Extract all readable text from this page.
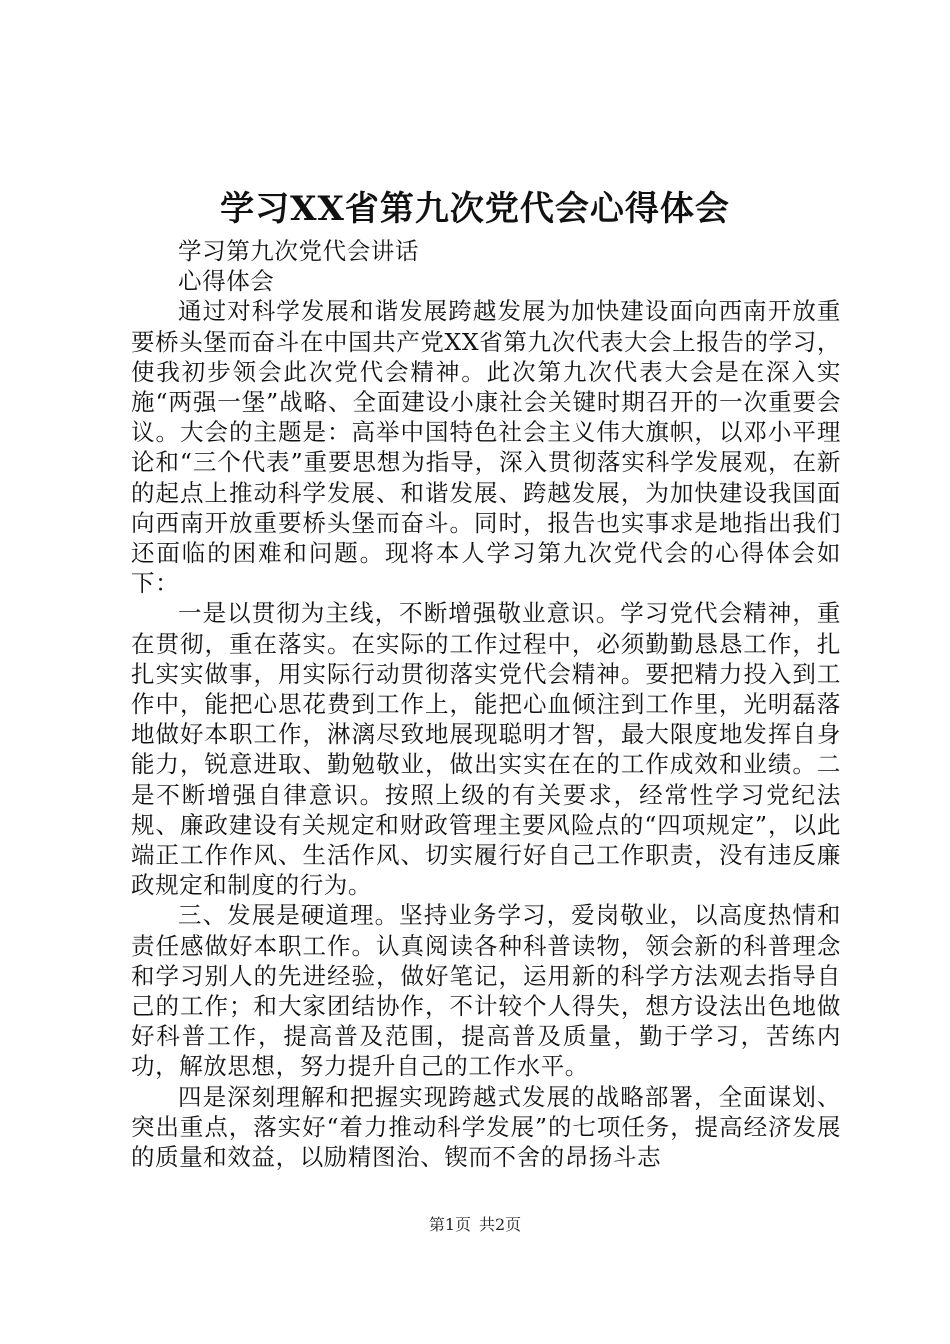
学习XX省第九次党代会心得体会

学习第九次党代会讲话

心得体会

通过对科学发展和谐发展跨越发展为加快建设面向西南开放重要桥头堡而奋斗在中国共产党XX省第九次代表大会上报告的学习，使我初步领会此次党代会精神。此次第九次代表大会是在深入实施“两强一堡”战略、全面建设小康社会关键时期召开的一次重要会议。大会的主题是：高举中国特色社会主义伟大旗帜，以邓小平理论和“三个代表”重要思想为指导，深入贯彻落实科学发展观，在新的起点上推动科学发展、和谐发展、跨越发展，为加快建设我国面向西南开放重要桥头堡而奋斗。同时，报告也实事求是地指出我们还面临的困难和问题。现将本人学习第九次党代会的心得体会如下：

一是以贯彻为主线，不断增强敬业意识。学习党代会精神，重在贯彻，重在落实。在实际的工作过程中，必须勤勤恳恳工作，扎扎实实做事，用实际行动贯彻落实党代会精神。要把精力投入到工作中，能把心思花费到工作上，能把心血倾注到工作里，光明磊落地做好本职工作，淋漓尽致地展现聪明才智，最大限度地发挥自身能力，锐意进取、勤勉敬业，做出实实在在的工作成效和业绩。二是不断增强自律意识。按照上级的有关要求，经常性学习党纪法规、廉政建设有关规定和财政管理主要风险点的“四项规定”，以此端正工作作风、生活作风、切实履行好自己工作职责，没有违反廉政规定和制度的行为。

三、发展是硬道理。坚持业务学习，爱岗敬业，以高度热情和责任感做好本职工作。认真阅读各种科普读物，领会新的科普理念和学习别人的先进经验，做好笔记，运用新的科学方法观去指导自己的工作；和大家团结协作，不计较个人得失，想方设法出色地做好科普工作，提高普及范围，提高普及质量，勤于学习，苦练内功，解放思想，努力提升自己的工作水平。

四是深刻理解和把握实现跨越式发展的战略部署，全面谋划、突出重点，落实好“着力推动科学发展”的七项任务，提高经济发展的质量和效益，以励精图治、锲而不舍的昂扬斗志

第1页 共2页
